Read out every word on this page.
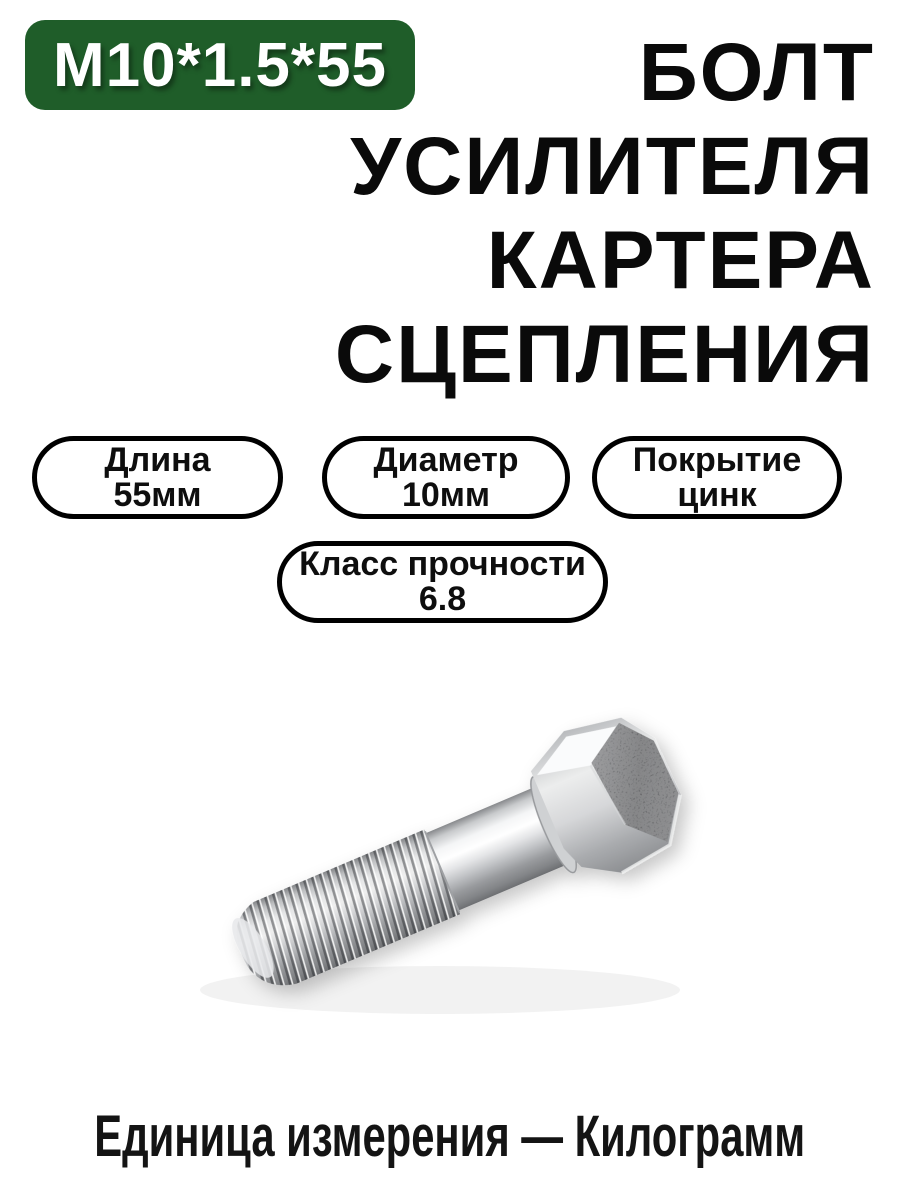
М10*1.5*55	БОЛТ
УСИЛИТЕЛЯ
КАРТЕРА
СЦЕПЛЕНИЯ
Длина
55мм
Диаметр
10мм
Покрытие
цинк
Класс прочности
6.8
Единица измерения — Килограмм
